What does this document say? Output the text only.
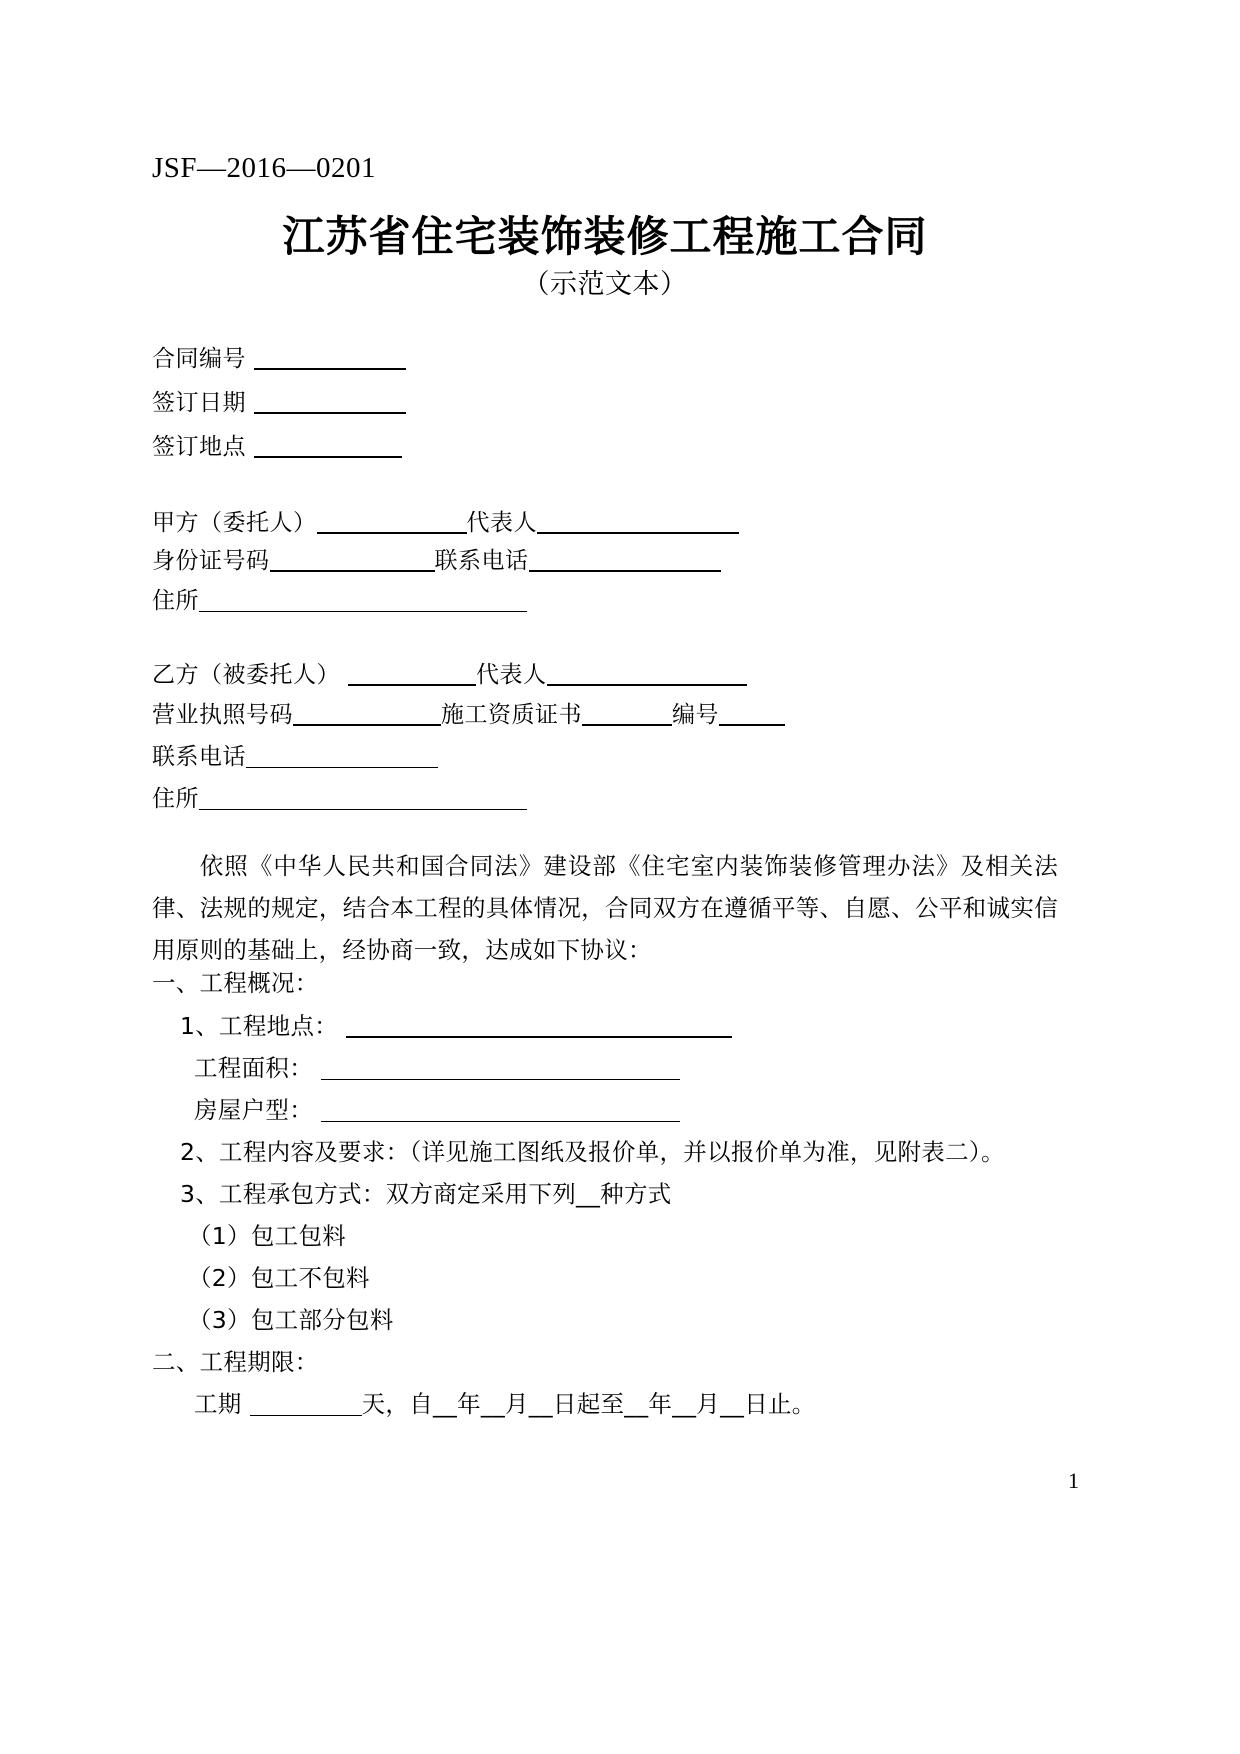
JSF—2016—0201
江苏省住宅装饰装修工程施工合同
（示范文本）
合同编号
签订日期
签订地点
甲方（委托人）	代表人
身份证号码	联系电话
住所
乙方（被委托人）	代表人
营业执照号码	施工资质证书	编号
联系电话
住所
依照《中华人民共和国合同法》建设部《住宅室内装饰装修管理办法》及相关法律、法规的规定，结合本工程的具体情况，合同双方在遵循平等、自愿、公平和诚实信用原则的基础上，经协商一致，达成如下协议：
一、工程概况：
1、工程地点：
工程面积：
房屋户型：
2、工程内容及要求：（详见施工图纸及报价单，并以报价单为准，见附表二）。
3、工程承包方式：双方商定采用下列__种方式
（1）包工包料
（2）包工不包料
（3）包工部分包料
二、工程期限：
工期	天，自__年__月__日起至__年__月__日止。
1
